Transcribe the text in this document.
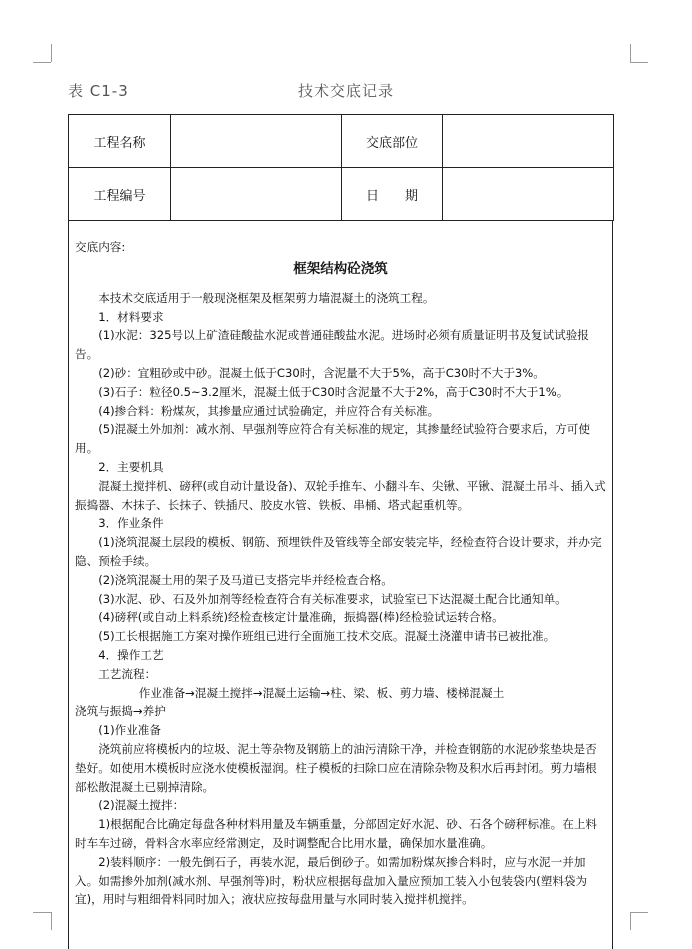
表 C1-3	技术交底记录
工程名称		交底部位	
工程编号		日　　期	

交底内容:

框架结构砼浇筑

本技术交底适用于一般现浇框架及框架剪力墙混凝土的浇筑工程。

1．材料要求

(1)水泥：325号以上矿渣硅酸盐水泥或普通硅酸盐水泥。进场时必须有质量证明书及复试试验报告。

(2)砂：宜粗砂或中砂。混凝土低于C30时，含泥量不大于5%，高于C30时不大于3%。

(3)石子：粒径0.5~3.2厘米，混凝土低于C30时含泥量不大于2%，高于C30时不大于1%。

(4)掺合料：粉煤灰，其掺量应通过试验确定，并应符合有关标准。

(5)混凝土外加剂：减水剂、早强剂等应符合有关标准的规定，其掺量经试验符合要求后，方可使用。

2．主要机具

混凝土搅拌机、磅秤(或自动计量设备)、双轮手推车、小翻斗车、尖锹、平锹、混凝土吊斗、插入式振捣器、木抹子、长抹子、铁插尺、胶皮水管、铁板、串桶、塔式起重机等。

3．作业条件

(1)浇筑混凝土层段的模板、钢筋、预埋铁件及管线等全部安装完毕，经检查符合设计要求，并办完隐、预检手续。

(2)浇筑混凝土用的架子及马道已支搭完毕并经检查合格。

(3)水泥、砂、石及外加剂等经检查符合有关标准要求，试验室已下达混凝土配合比通知单。

(4)磅秤(或自动上料系统)经检查核定计量准确，振捣器(棒)经检验试运转合格。

(5)工长根据施工方案对操作班组已进行全面施工技术交底。混凝土浇灌申请书已被批准。

4．操作工艺

工艺流程：

作业准备→混凝土搅拌→混凝土运输→柱、梁、板、剪力墙、楼梯混凝土

浇筑与振捣→养护

(1)作业准备

浇筑前应将模板内的垃圾、泥土等杂物及钢筋上的油污清除干净，并检查钢筋的水泥砂浆垫块是否垫好。如使用木模板时应浇水使模板湿润。柱子模板的扫除口应在清除杂物及积水后再封闭。剪力墙根部松散混凝土已剔掉清除。

(2)混凝土搅拌：

1)根据配合比确定每盘各种材料用量及车辆重量，分部固定好水泥、砂、石各个磅秤标准。在上料时车车过磅，骨料含水率应经常测定，及时调整配合比用水量，确保加水量准确。

2)装料顺序：一般先倒石子，再装水泥，最后倒砂子。如需加粉煤灰掺合料时，应与水泥一并加入。如需掺外加剂(减水剂、早强剂等)时，粉状应根据每盘加入量应预加工装入小包装袋内(塑料袋为宜)，用时与粗细骨料同时加入；液状应按每盘用量与水同时装入搅拌机搅拌。
